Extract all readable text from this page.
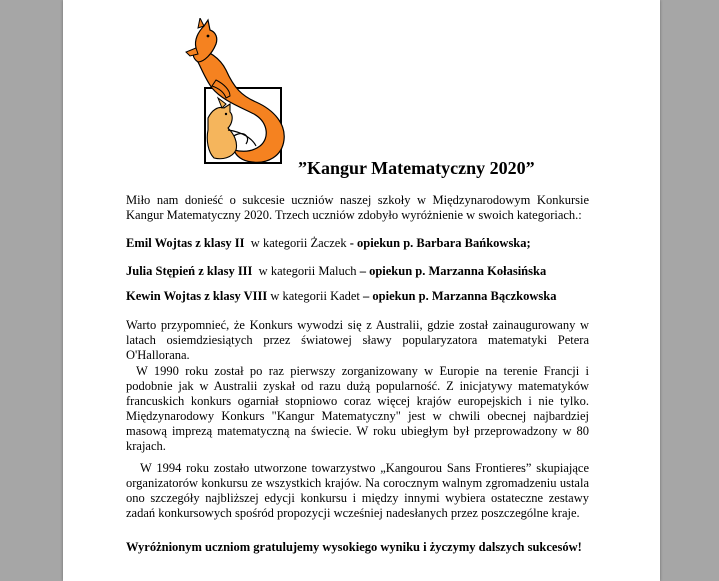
”Kangur Matematyczny 2020”
Miło nam donieść o sukcesie uczniów naszej szkoły w Międzynarodowym Konkursie Kangur Matematyczny 2020. Trzech uczniów zdobyło wyróżnienie w swoich kategoriach.:
Emil Wojtas z klasy II w kategorii Żaczek - opiekun p. Barbara Bańkowska;
Julia Stępień z klasy III w kategorii Maluch – opiekun p. Marzanna Kołasińska
Kewin Wojtas z klasy VIII w kategorii Kadet – opiekun p. Marzanna Bączkowska
Warto przypomnieć, że Konkurs wywodzi się z Australii, gdzie został zainaugurowany w latach osiemdziesiątych przez światowej sławy popularyzatora matematyki Petera O'Hallorana.
W 1990 roku został po raz pierwszy zorganizowany w Europie na terenie Francji i podobnie jak w Australii zyskał od razu dużą popularność. Z inicjatywy matematyków francuskich konkurs ogarniał stopniowo coraz więcej krajów europejskich i nie tylko. Międzynarodowy Konkurs "Kangur Matematyczny" jest w chwili obecnej najbardziej masową imprezą matematyczną na świecie. W roku ubiegłym był przeprowadzony w 80 krajach.
W 1994 roku zostało utworzone towarzystwo „Kangourou Sans Frontieres” skupiające organizatorów konkursu ze wszystkich krajów. Na corocznym walnym zgromadzeniu ustala ono szczegóły najbliższej edycji konkursu i między innymi wybiera ostateczne zestawy zadań konkursowych spośród propozycji wcześniej nadesłanych przez poszczególne kraje.
Wyróżnionym uczniom gratulujemy wysokiego wyniku i życzymy dalszych sukcesów!
